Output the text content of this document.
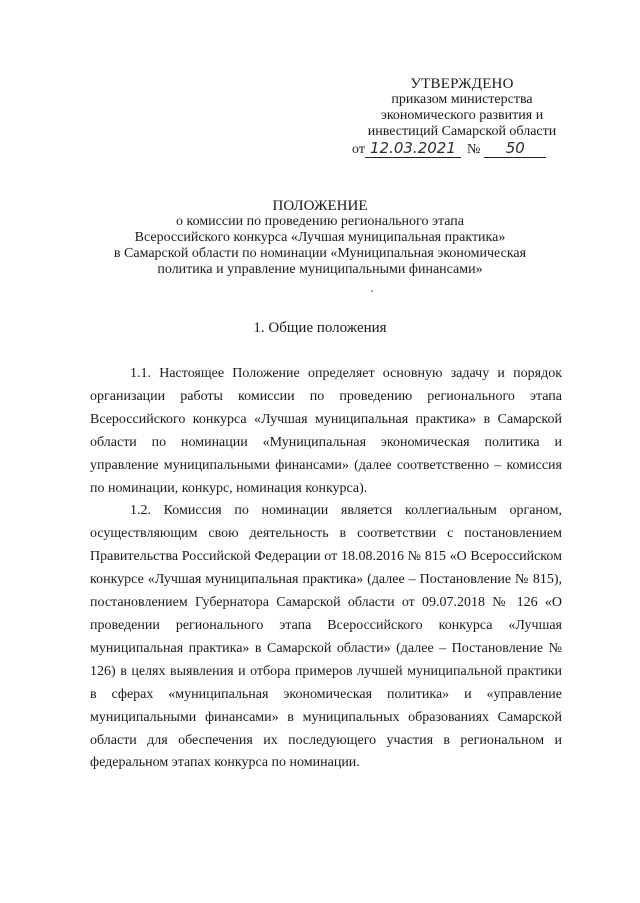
УТВЕРЖДЕНО
приказом министерства
экономического развития и
инвестиций Самарской области
от 12.03.2021 № 50
ПОЛОЖЕНИЕ
о комиссии по проведению регионального этапа
Всероссийского конкурса «Лучшая муниципальная практика»
в Самарской области по номинации «Муниципальная экономическая
политика и управление муниципальными финансами»
1. Общие положения

1.1. Настоящее Положение определяет основную задачу и порядок организации работы комиссии по проведению регионального этапа Всероссийского конкурса «Лучшая муниципальная практика» в Самарской области по номинации «Муниципальная экономическая политика и управление муниципальными финансами» (далее соответственно – комиссия по номинации, конкурс, номинация конкурса).

1.2. Комиссия по номинации является коллегиальным органом, осуществляющим свою деятельность в соответствии с постановлением Правительства Российской Федерации от 18.08.2016 № 815 «О Всероссийском конкурсе «Лучшая муниципальная практика» (далее – Постановление № 815), постановлением Губернатора Самарской области от 09.07.2018 № 126 «О проведении регионального этапа Всероссийского конкурса «Лучшая муниципальная практика» в Самарской области» (далее – Постановление № 126) в целях выявления и отбора примеров лучшей муниципальной практики в сферах «муниципальная экономическая политика» и «управление муниципальными финансами» в муниципальных образованиях Самарской области для обеспечения их последующего участия в региональном и федеральном этапах конкурса по номинации.
